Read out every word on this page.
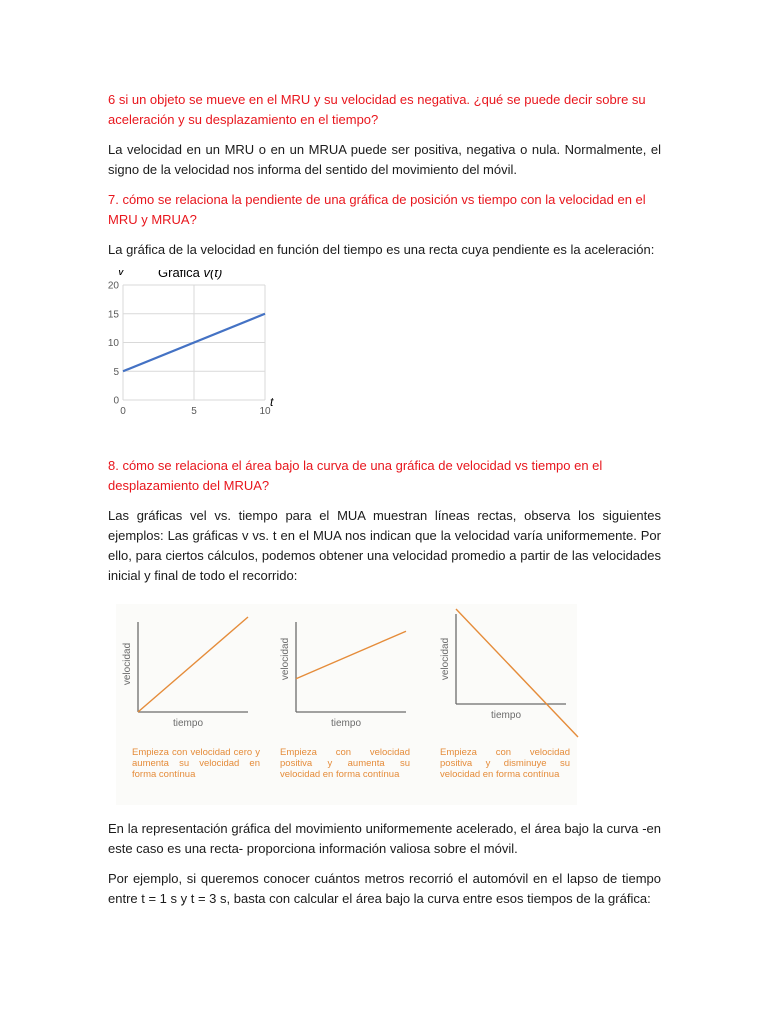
6 si un objeto se mueve en el MRU y su velocidad es negativa. ¿qué se puede decir sobre su aceleración y su desplazamiento en el tiempo?

La velocidad en un MRU o en un MRUA puede ser positiva, negativa o nula. Normalmente, el signo de la velocidad nos informa del sentido del movimiento del móvil.

7. cómo se relaciona la pendiente de una gráfica de posición vs tiempo con la velocidad en el MRU y MRUA?

La gráfica de la velocidad en función del tiempo es una recta cuya pendiente es la aceleración:

0
5
10
15
20
0	5	10
v	Gráfica v(t)
t

8. cómo se relaciona el área bajo la curva de una gráfica de velocidad vs tiempo en el desplazamiento del MRUA?

Las gráficas vel vs. tiempo para el MUA muestran líneas rectas, observa los siguientes ejemplos: Las gráficas v vs. t en el MUA nos indican que la velocidad varía uniformemente. Por ello, para ciertos cálculos, podemos obtener una velocidad promedio a partir de las velocidades inicial y final de todo el recorrido:

velocidad
tiempo
Empieza con velocidad cero y aumenta su velocidad en forma contínua
velocidad
tiempo
Empieza con velocidad positiva y aumenta su velocidad en forma contínua
velocidad
tiempo
Empieza con velocidad positiva y disminuye su velocidad en forma contínua

En la representación gráfica del movimiento uniformemente acelerado, el área bajo la curva -en este caso es una recta- proporciona información valiosa sobre el móvil.

Por ejemplo, si queremos conocer cuántos metros recorrió el automóvil en el lapso de tiempo entre t = 1 s y t = 3 s, basta con calcular el área bajo la curva entre esos tiempos de la gráfica:
